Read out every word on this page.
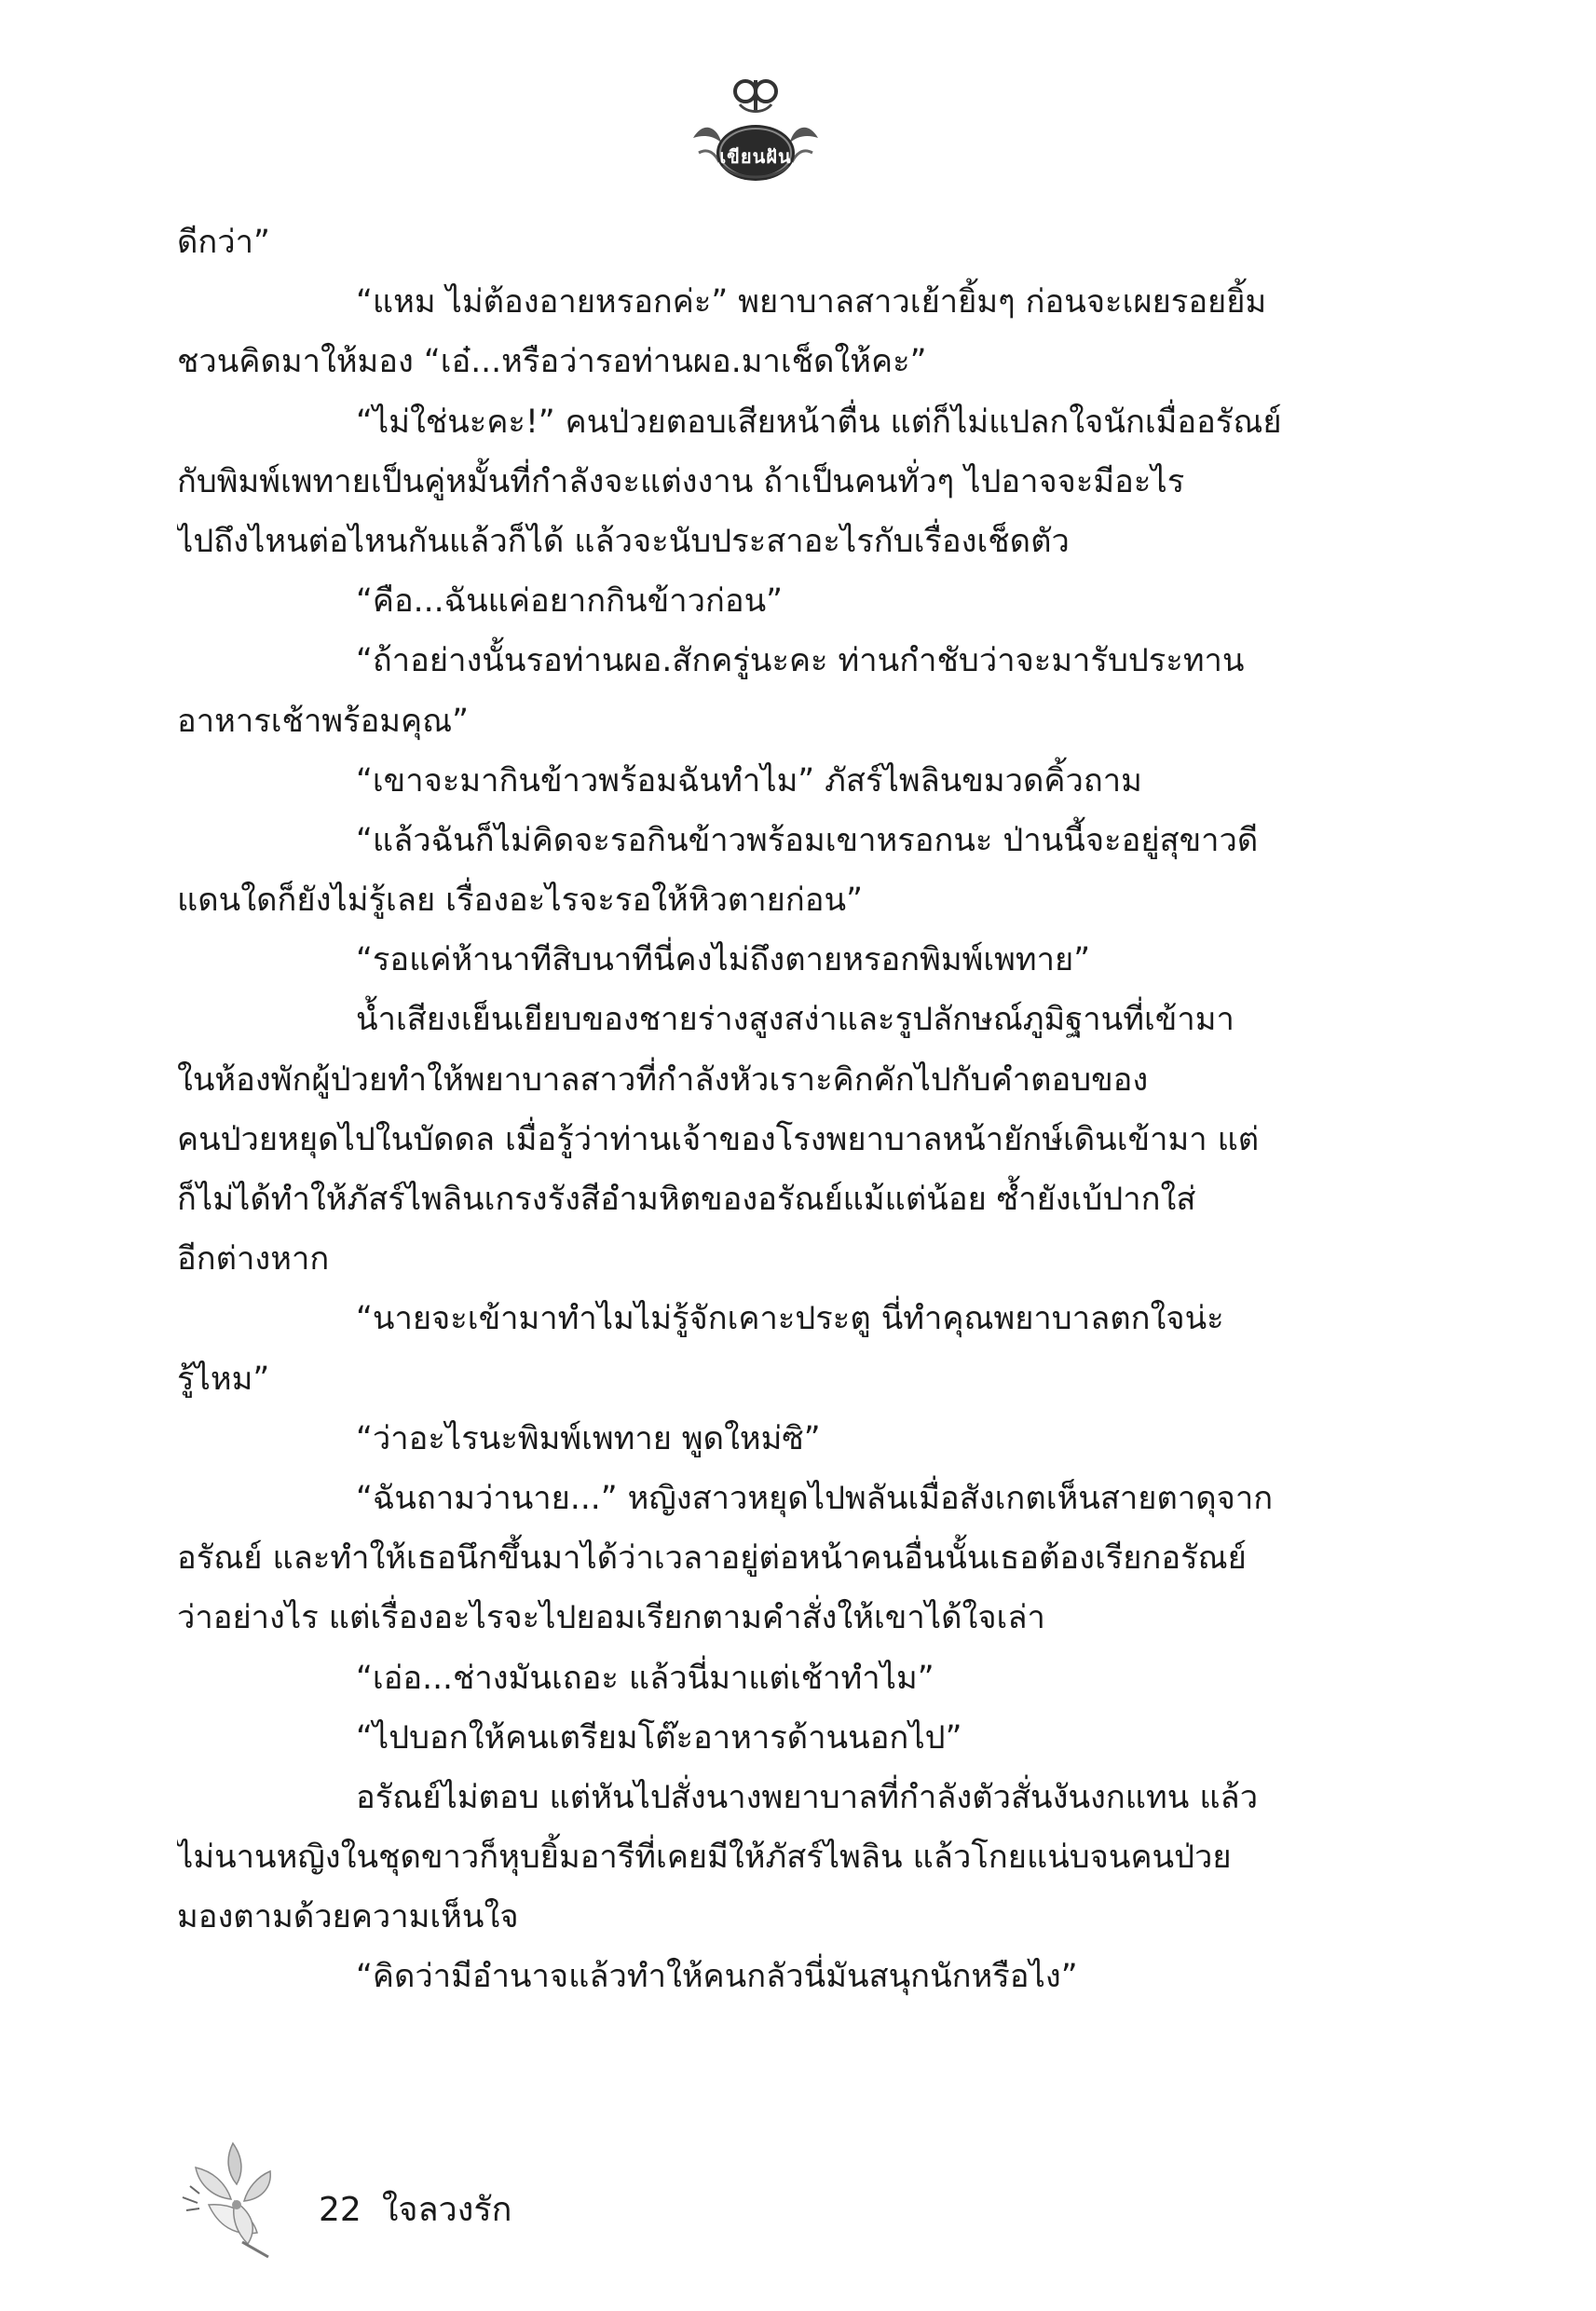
เขียนฝัน
ดีกว่า”
“แหม ไม่ต้องอายหรอกค่ะ” พยาบาลสาวเย้ายิ้มๆ ก่อนจะเผยรอยยิ้ม
ชวนคิดมาให้มอง “เอ๋...หรือว่ารอท่านผอ.มาเช็ดให้คะ”
“ไม่ใช่นะคะ!” คนป่วยตอบเสียหน้าตื่น แต่ก็ไม่แปลกใจนักเมื่ออรัณย์
กับพิมพ์เพทายเป็นคู่หมั้นที่กำลังจะแต่งงาน ถ้าเป็นคนทั่วๆ ไปอาจจะมีอะไร
ไปถึงไหนต่อไหนกันแล้วก็ได้ แล้วจะนับประสาอะไรกับเรื่องเช็ดตัว
“คือ...ฉันแค่อยากกินข้าวก่อน”
“ถ้าอย่างนั้นรอท่านผอ.สักครู่นะคะ ท่านกำชับว่าจะมารับประทาน
อาหารเช้าพร้อมคุณ”
“เขาจะมากินข้าวพร้อมฉันทำไม” ภัสร์ไพลินขมวดคิ้วถาม
“แล้วฉันก็ไม่คิดจะรอกินข้าวพร้อมเขาหรอกนะ ป่านนี้จะอยู่สุขาวดี
แดนใดก็ยังไม่รู้เลย เรื่องอะไรจะรอให้หิวตายก่อน”
“รอแค่ห้านาทีสิบนาทีนี่คงไม่ถึงตายหรอกพิมพ์เพทาย”
น้ำเสียงเย็นเยียบของชายร่างสูงสง่าและรูปลักษณ์ภูมิฐานที่เข้ามา
ในห้องพักผู้ป่วยทำให้พยาบาลสาวที่กำลังหัวเราะคิกคักไปกับคำตอบของ
คนป่วยหยุดไปในบัดดล เมื่อรู้ว่าท่านเจ้าของโรงพยาบาลหน้ายักษ์เดินเข้ามา แต่
ก็ไม่ได้ทำให้ภัสร์ไพลินเกรงรังสีอำมหิตของอรัณย์แม้แต่น้อย ซ้ำยังเบ้ปากใส่
อีกต่างหาก
“นายจะเข้ามาทำไมไม่รู้จักเคาะประตู นี่ทำคุณพยาบาลตกใจน่ะ
รู้ไหม”
“ว่าอะไรนะพิมพ์เพทาย พูดใหม่ซิ”
“ฉันถามว่านาย...” หญิงสาวหยุดไปพลันเมื่อสังเกตเห็นสายตาดุจาก
อรัณย์ และทำให้เธอนึกขึ้นมาได้ว่าเวลาอยู่ต่อหน้าคนอื่นนั้นเธอต้องเรียกอรัณย์
ว่าอย่างไร แต่เรื่องอะไรจะไปยอมเรียกตามคำสั่งให้เขาได้ใจเล่า
“เอ่อ...ช่างมันเถอะ แล้วนี่มาแต่เช้าทำไม”
“ไปบอกให้คนเตรียมโต๊ะอาหารด้านนอกไป”
อรัณย์ไม่ตอบ แต่หันไปสั่งนางพยาบาลที่กำลังตัวสั่นงันงกแทน แล้ว
ไม่นานหญิงในชุดขาวก็หุบยิ้มอารีที่เคยมีให้ภัสร์ไพลิน แล้วโกยแน่บจนคนป่วย
มองตามด้วยความเห็นใจ
“คิดว่ามีอำนาจแล้วทำให้คนกลัวนี่มันสนุกนักหรือไง”
22 ใจลวงรัก
